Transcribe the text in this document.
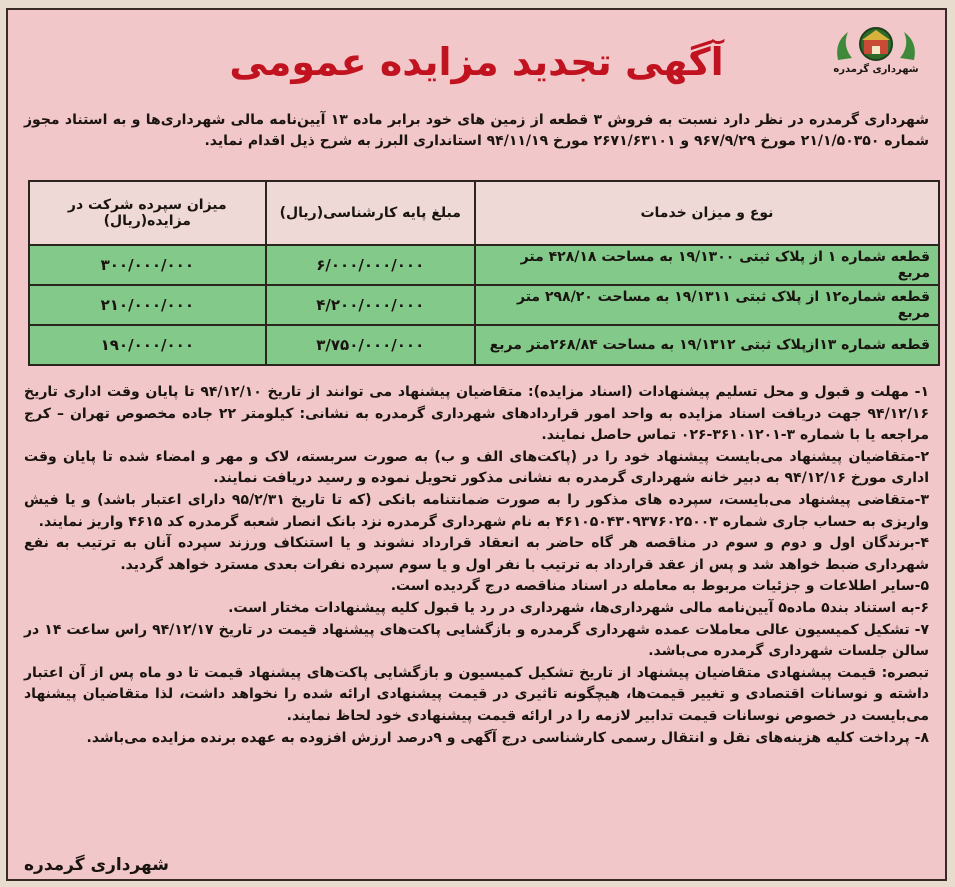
شهرداری گرمدره
آگهی تجدید مزایده عمومی
شهرداری گرمدره در نظر دارد نسبت به فروش ۳ قطعه از زمین های خود برابر ماده ۱۳ آیین‌نامه مالی شهرداری‌ها و به استناد مجوز شماره ۲۱/۱/۵۰۳۵۰ مورخ ۹۶۷/۹/۲۹ و ۲۶۷۱/۶۳۱۰۱ مورخ ۹۴/۱۱/۱۹ استانداری البرز به شرح ذیل اقدام نماید.
نوع و میزان خدمات	مبلغ پایه کارشناسی(ریال)	میزان سپرده شرکت در مزایده(ریال)
قطعه شماره ۱ از پلاک ثبتی ۱۹/۱۳۰۰ به مساحت ۴۲۸/۱۸ متر مربع	۶/۰۰۰/۰۰۰/۰۰۰	۳۰۰/۰۰۰/۰۰۰
قطعه شماره۱۲ از پلاک ثبتی ۱۹/۱۳۱۱ به مساحت ۲۹۸/۲۰ متر مربع	۴/۲۰۰/۰۰۰/۰۰۰	۲۱۰/۰۰۰/۰۰۰
قطعه شماره ۱۳ازپلاک ثبتی ۱۹/۱۳۱۲ به مساحت ۲۶۸/۸۴متر مربع	۳/۷۵۰/۰۰۰/۰۰۰	۱۹۰/۰۰۰/۰۰۰

۱- مهلت و قبول و محل تسلیم پیشنهادات (اسناد مزایده): متقاضیان پیشنهاد می توانند از تاریخ ۹۴/۱۲/۱۰ تا پایان وقت اداری تاریخ ۹۴/۱۲/۱۶ جهت دریافت اسناد مزایده به واحد امور قراردادهای شهرداری گرمدره به نشانی: کیلومتر ۲۲ جاده مخصوص تهران – کرج مراجعه یا با شماره ۳-۳۶۱۰۱۲۰۱-۰۲۶ تماس حاصل نمایند.

۲-متقاضیان پیشنهاد می‌بایست پیشنهاد خود را در (پاکت‌های الف و ب) به صورت سربسته، لاک و مهر و امضاء شده تا پایان وقت اداری مورخ ۹۴/۱۲/۱۶ به دبیر خانه شهرداری گرمدره به نشانی مذکور تحویل نموده و رسید دریافت نمایند.

۳-متقاضی پیشنهاد می‌بایست، سپرده های مذکور را به صورت ضمانتنامه بانکی (که تا تاریخ ۹۵/۲/۳۱ دارای اعتبار باشد) و یا فیش واریزی به حساب جاری شماره ۴۶۱۰۵۰۴۳۰۹۳۷۶۰۲۵۰۰۳ به نام شهرداری گرمدره نزد بانک انصار شعبه گرمدره کد ۴۶۱۵ واریز نمایند.

۴-برندگان اول و دوم و سوم در مناقصه هر گاه حاضر به انعقاد قرارداد نشوند و یا استنکاف ورزند سپرده آنان به ترتیب به نفع شهرداری ضبط خواهد شد و پس از عقد قرارداد به ترتیب با نفر اول و یا سوم سپرده نفرات بعدی مسترد خواهد گردید.

۵-سایر اطلاعات و جزئیات مربوط به معامله در اسناد مناقصه درج گردیده است.

۶-به استناد بند۵ ماده۵ آیین‌نامه مالی شهرداری‌ها، شهرداری در رد یا قبول کلیه پیشنهادات مختار است.

۷- تشکیل کمیسیون عالی معاملات عمده شهرداری گرمدره و بازگشایی پاکت‌های پیشنهاد قیمت در تاریخ ۹۴/۱۲/۱۷ راس ساعت ۱۴ در سالن جلسات شهرداری گرمدره می‌باشد.

تبصره: قیمت پیشنهادی متقاضیان پیشنهاد از تاریخ تشکیل کمیسیون و بازگشایی پاکت‌های پیشنهاد قیمت تا دو ماه پس از آن اعتبار داشته و نوسانات اقتصادی و تغییر قیمت‌ها، هیچگونه تاثیری در قیمت پیشنهادی ارائه شده را نخواهد داشت، لذا متقاضیان پیشنهاد می‌بایست در خصوص نوسانات قیمت تدابیر لازمه را در ارائه قیمت پیشنهادی خود لحاظ نمایند.

۸- پرداخت کلیه هزینه‌های نقل و انتقال رسمی کارشناسی درج آگهی و ۹درصد ارزش افزوده به عهده برنده مزایده می‌باشد.

شهرداری گرمدره
